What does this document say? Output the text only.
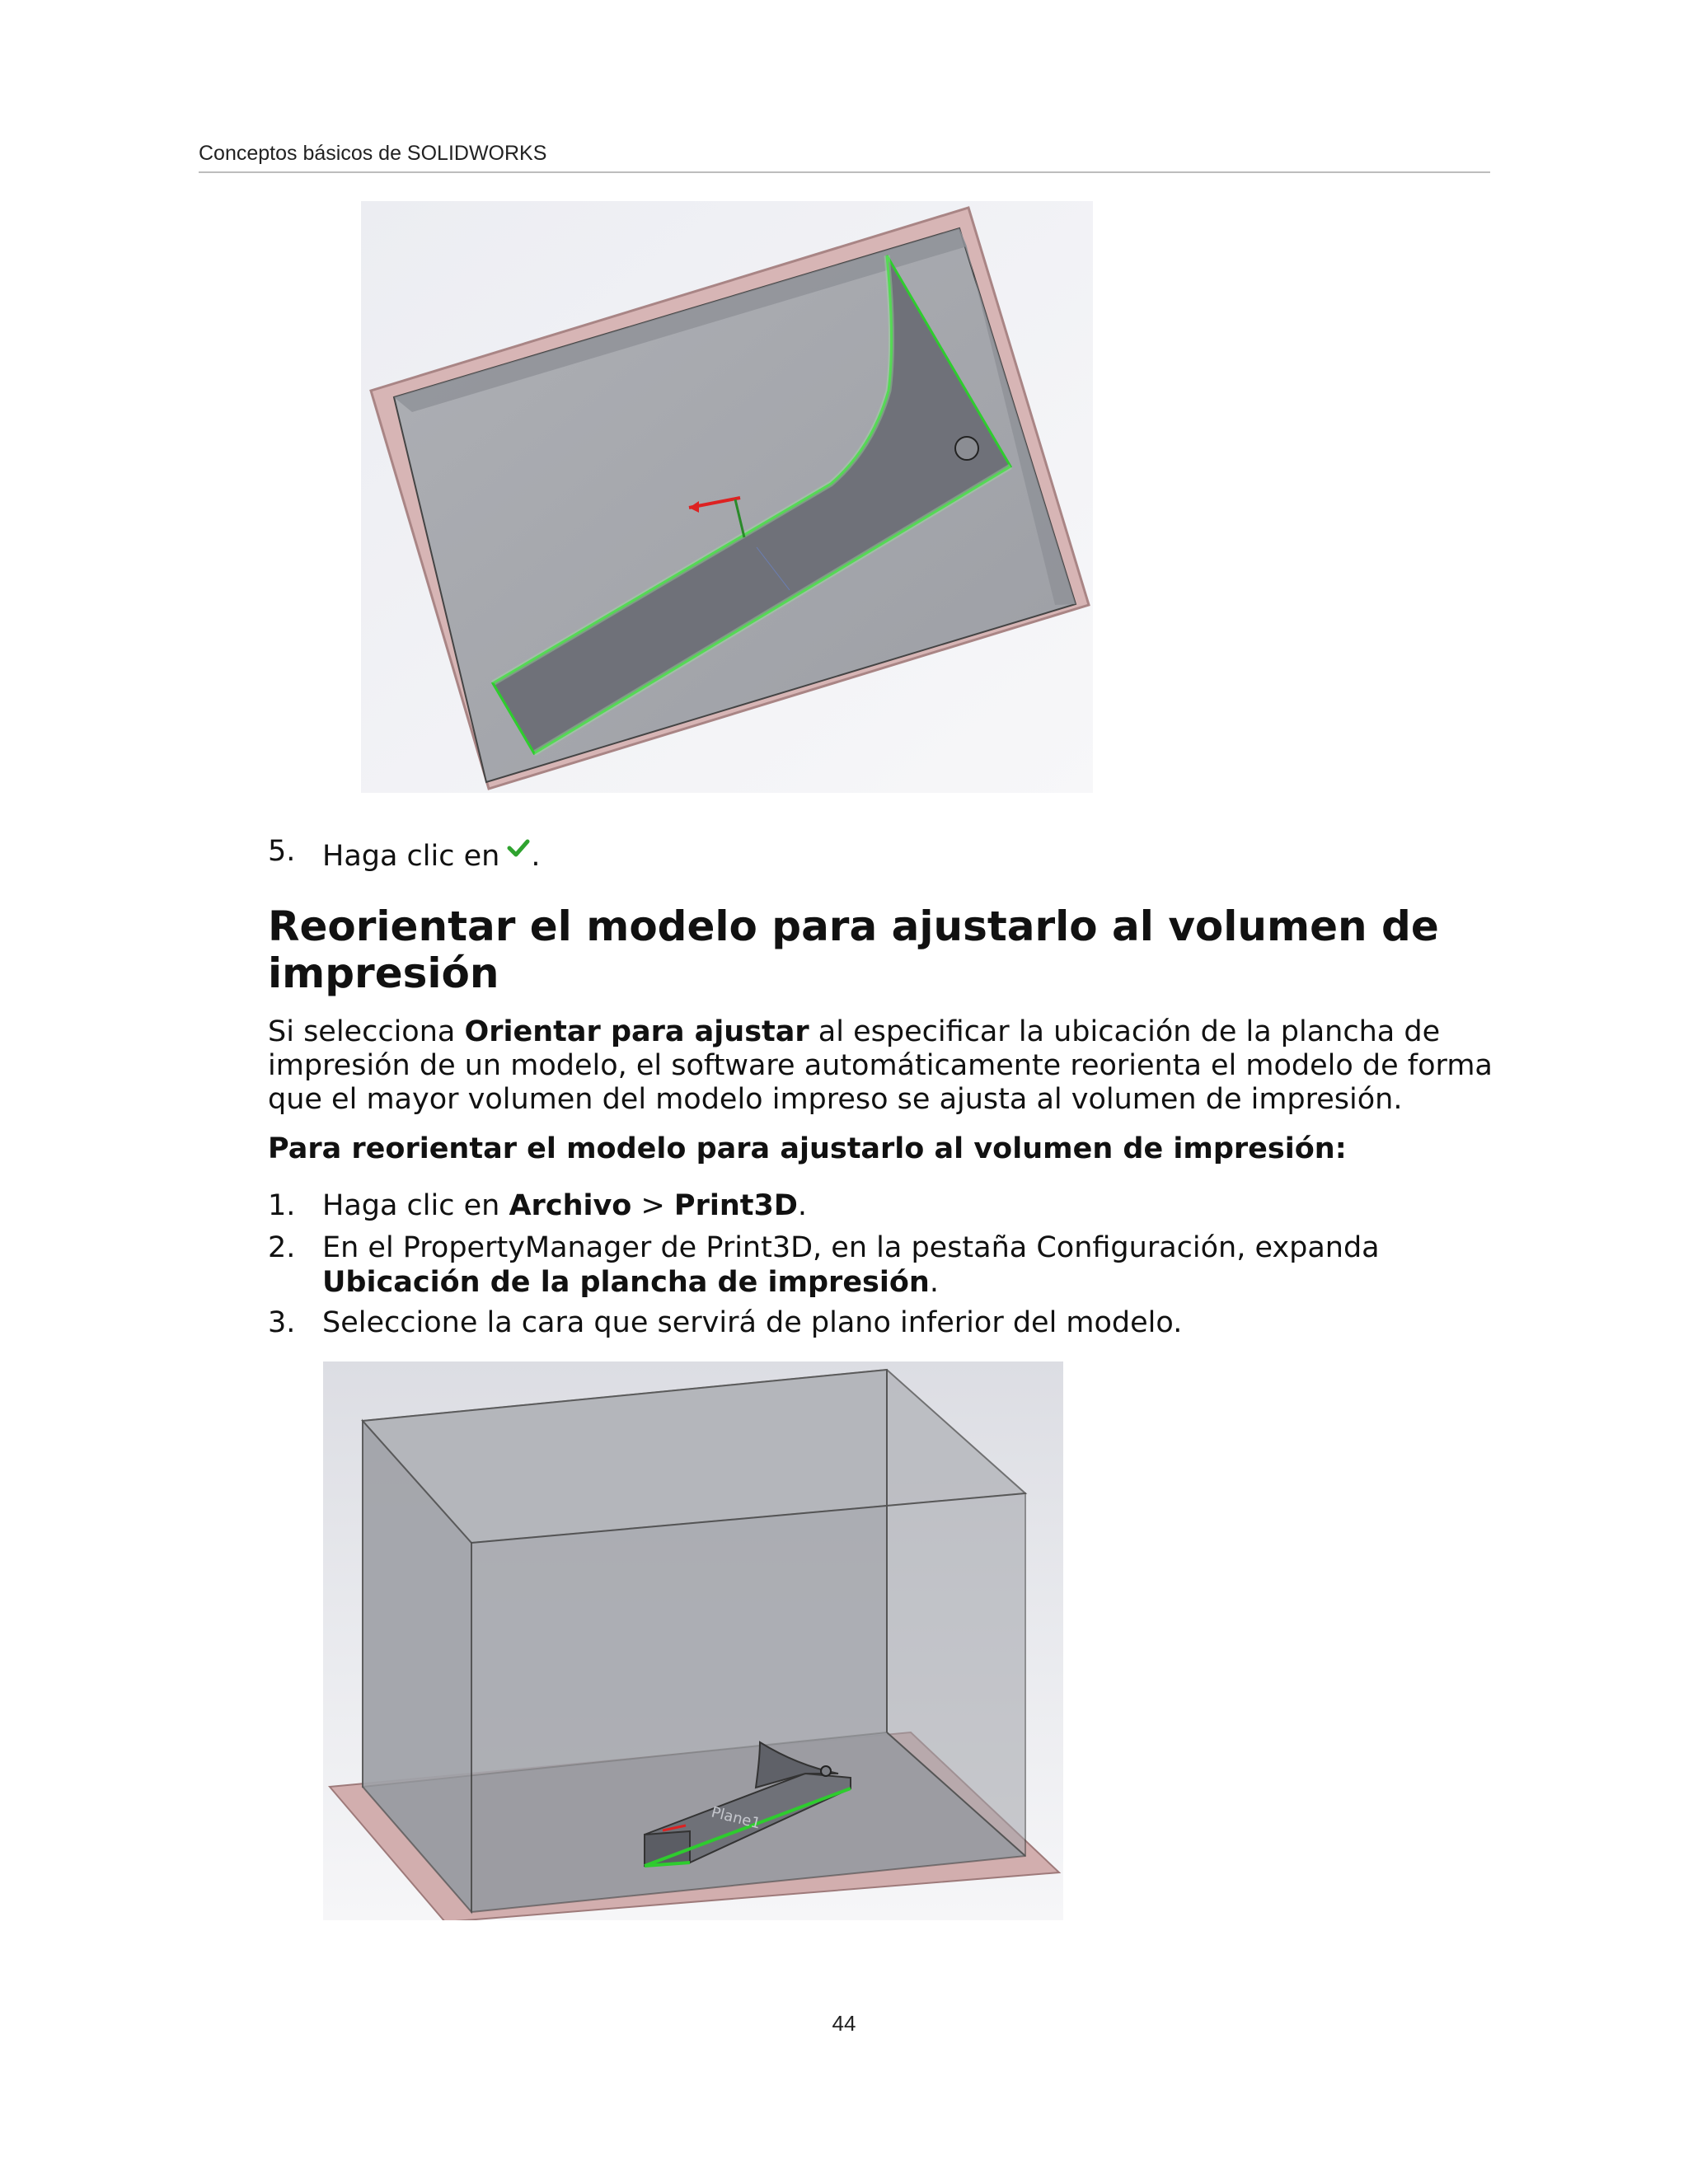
Conceptos básicos de SOLIDWORKS
5. Haga clic en .
Reorientar el modelo para ajustarlo al volumen de impresión
Si selecciona Orientar para ajustar al especificar la ubicación de la plancha de impresión de un modelo, el software automáticamente reorienta el modelo de forma que el mayor volumen del modelo impreso se ajusta al volumen de impresión.
Para reorientar el modelo para ajustarlo al volumen de impresión:
1. Haga clic en Archivo > Print3D.
2. En el PropertyManager de Print3D, en la pestaña Configuración, expanda Ubicación de la plancha de impresión.
3. Seleccione la cara que servirá de plano inferior del modelo.
Plane1
44
